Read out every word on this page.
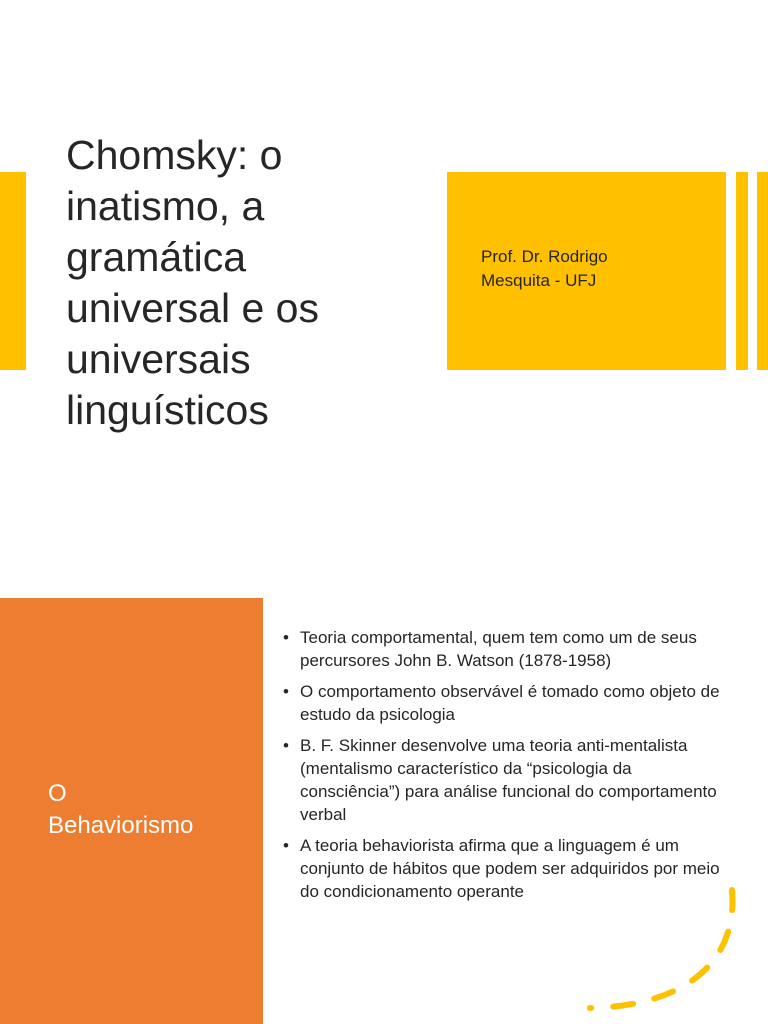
Chomsky: o
inatismo, a
gramática
universal e os
universais
linguísticos
Prof. Dr. Rodrigo
Mesquita - UFJ
O
Behaviorismo
• Teoria comportamental, quem tem como um de seus percursores John B. Watson (1878-1958)
• O comportamento observável é tomado como objeto de estudo da psicologia
• B. F. Skinner desenvolve uma teoria anti-mentalista (mentalismo característico da “psicologia da consciência”) para análise funcional do comportamento verbal
• A teoria behaviorista afirma que a linguagem é um conjunto de hábitos que podem ser adquiridos por meio do condicionamento operante
